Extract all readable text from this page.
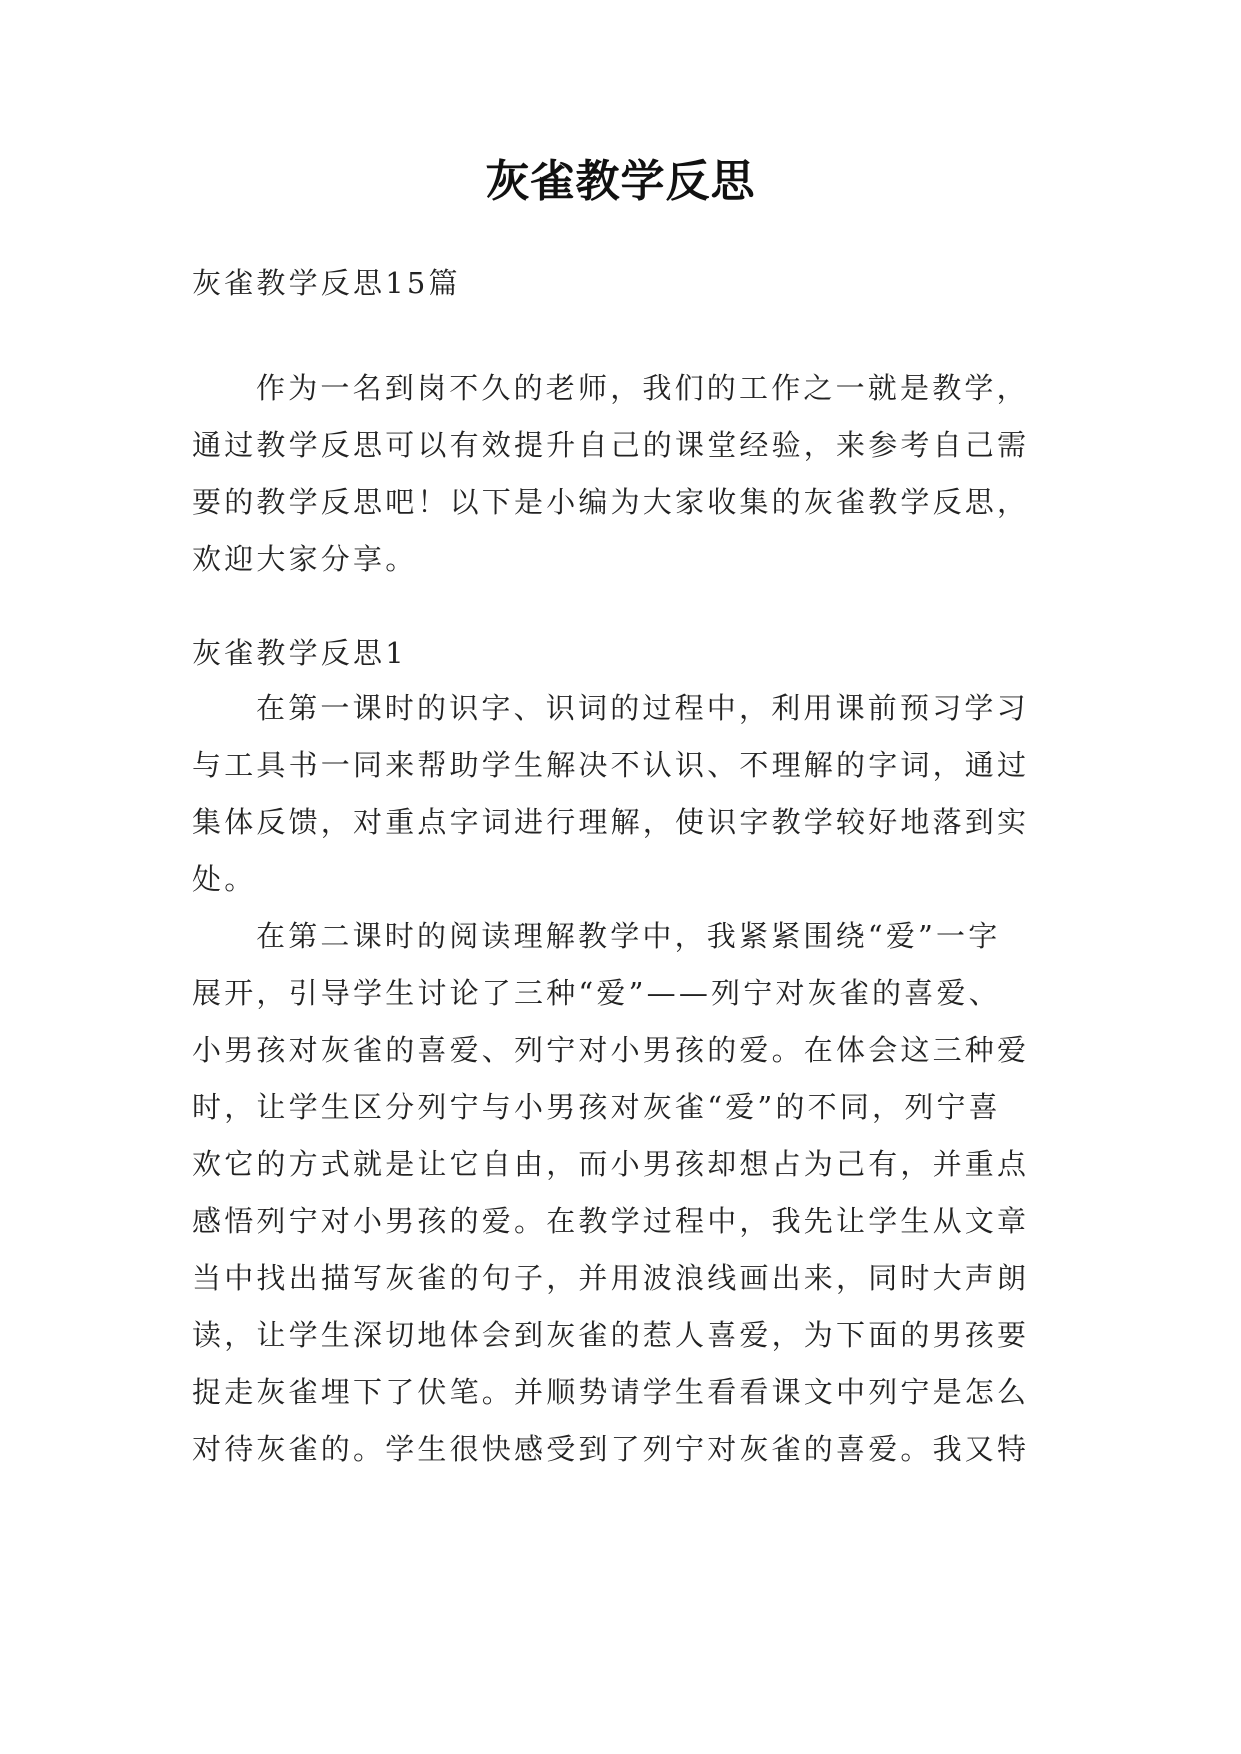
灰雀教学反思
灰雀教学反思15篇
作为一名到岗不久的老师，我们的工作之一就是教学，
通过教学反思可以有效提升自己的课堂经验，来参考自己需
要的教学反思吧！以下是小编为大家收集的灰雀教学反思，
欢迎大家分享。
灰雀教学反思1
在第一课时的识字、识词的过程中，利用课前预习学习
与工具书一同来帮助学生解决不认识、不理解的字词，通过
集体反馈，对重点字词进行理解，使识字教学较好地落到实
处。
在第二课时的阅读理解教学中，我紧紧围绕“爱”一字
展开，引导学生讨论了三种“爱”——列宁对灰雀的喜爱、
小男孩对灰雀的喜爱、列宁对小男孩的爱。在体会这三种爱
时，让学生区分列宁与小男孩对灰雀“爱”的不同，列宁喜
欢它的方式就是让它自由，而小男孩却想占为己有，并重点
感悟列宁对小男孩的爱。在教学过程中，我先让学生从文章
当中找出描写灰雀的句子，并用波浪线画出来，同时大声朗
读，让学生深切地体会到灰雀的惹人喜爱，为下面的男孩要
捉走灰雀埋下了伏笔。并顺势请学生看看课文中列宁是怎么
对待灰雀的。学生很快感受到了列宁对灰雀的喜爱。我又特
